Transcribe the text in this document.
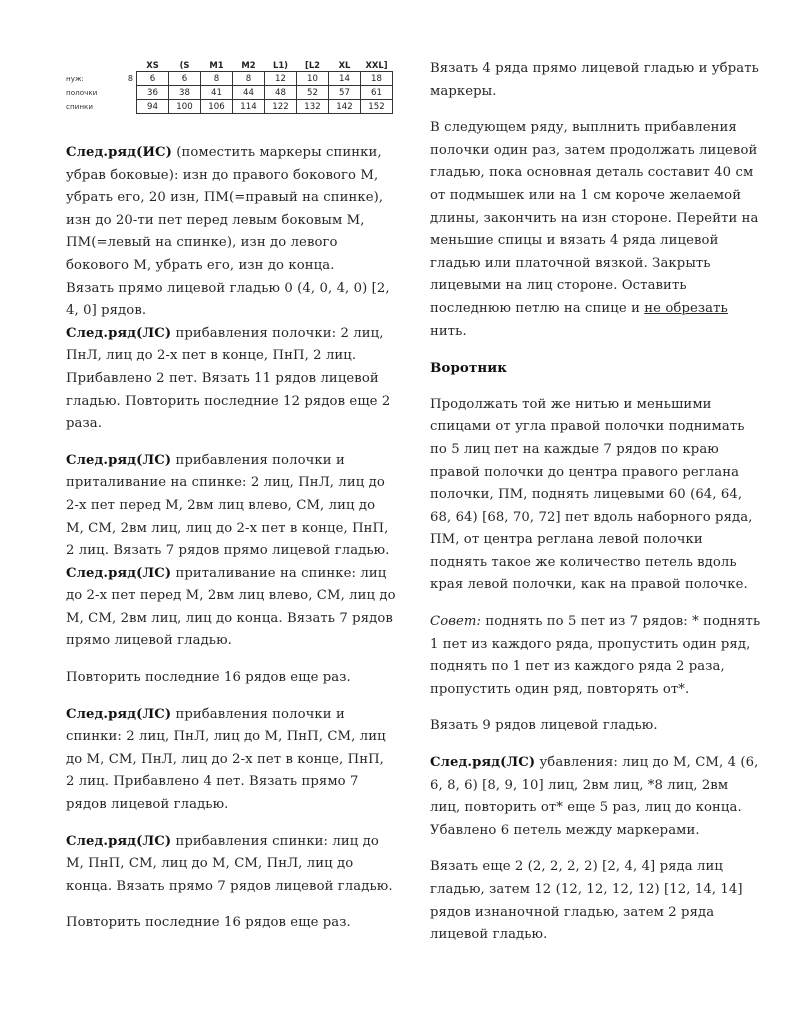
		XS	(S	M1	M2	L1)	[L2	XL	XXL]
нуж:	8	6	6	8	8	12	10	14	18
полочки		36	38	41	44	48	52	57	61
спинки		94	100	106	114	122	132	142	152

След.ряд(ИС) (поместить маркеры спинки, убрав боковые): изн до правого бокового М, убрать его, 20 изн, ПМ(=правый на спинке), изн до 20-ти пет перед левым боковым М, ПМ(=левый на спинке), изн до левого бокового М, убрать его, изн до конца.

Вязать прямо лицевой гладью 0 (4, 0, 4, 0) [2, 4, 0] рядов.

След.ряд(ЛС) прибавления полочки: 2 лиц, ПнЛ, лиц до 2-х пет в конце, ПнП, 2 лиц. Прибавлено 2 пет. Вязать 11 рядов лицевой гладью. Повторить последние 12 рядов еще 2 раза.

След.ряд(ЛС) прибавления полочки и приталивание на спинке: 2 лиц, ПнЛ, лиц до 2-х пет перед М, 2вм лиц влево, СМ, лиц до М, СМ, 2вм лиц, лиц до 2-х пет в конце, ПнП, 2 лиц. Вязать 7 рядов прямо лицевой гладью.

След.ряд(ЛС) приталивание на спинке: лиц до 2-х пет перед М, 2вм лиц влево, СМ, лиц до М, СМ, 2вм лиц, лиц до конца. Вязать 7 рядов прямо лицевой гладью.

Повторить последние 16 рядов еще раз.

След.ряд(ЛС) прибавления полочки и спинки: 2 лиц, ПнЛ, лиц до М, ПнП, СМ, лиц до М, СМ, ПнЛ, лиц до 2-х пет в конце, ПнП, 2 лиц. Прибавлено 4 пет. Вязать прямо 7 рядов лицевой гладью.

След.ряд(ЛС) прибавления спинки: лиц до М, ПнП, СМ, лиц до М, СМ, ПнЛ, лиц до конца. Вязать прямо 7 рядов лицевой гладью.

Повторить последние 16 рядов еще раз.

Вязать 4 ряда прямо лицевой гладью и убрать маркеры.

В следующем ряду, выплнить прибавления полочки один раз, затем продолжать лицевой гладью, пока основная деталь составит 40 см от подмышек или на 1 см короче желаемой длины, закончить на изн стороне. Перейти на меньшие спицы и вязать 4 ряда лицевой гладью или платочной вязкой. Закрыть лицевыми на лиц стороне. Оставить последнюю петлю на спице и не обрезать нить.

Воротник

Продолжать той же нитью и меньшими спицами от угла правой полочки поднимать по 5 лиц пет на каждые 7 рядов по краю правой полочки до центра правого реглана полочки, ПМ, поднять лицевыми 60 (64, 64, 68, 64) [68, 70, 72] пет вдоль наборного ряда, ПМ, от центра реглана левой полочки поднять такое же количество петель вдоль края левой полочки, как на правой полочке.

Совет: поднять по 5 пет из 7 рядов: * поднять 1 пет из каждого ряда, пропустить один ряд, поднять по 1 пет из каждого ряда 2 раза, пропустить один ряд, повторять от*.

Вязать 9 рядов лицевой гладью.

След.ряд(ЛС) убавления: лиц до М, СМ, 4 (6, 6, 8, 6) [8, 9, 10] лиц, 2вм лиц, *8 лиц, 2вм лиц, повторить от* еще 5 раз, лиц до конца. Убавлено 6 петель между маркерами.

Вязать еще 2 (2, 2, 2, 2) [2, 4, 4] ряда лиц гладью, затем 12 (12, 12, 12, 12) [12, 14, 14] рядов изнаночной гладью, затем 2 ряда лицевой гладью.
